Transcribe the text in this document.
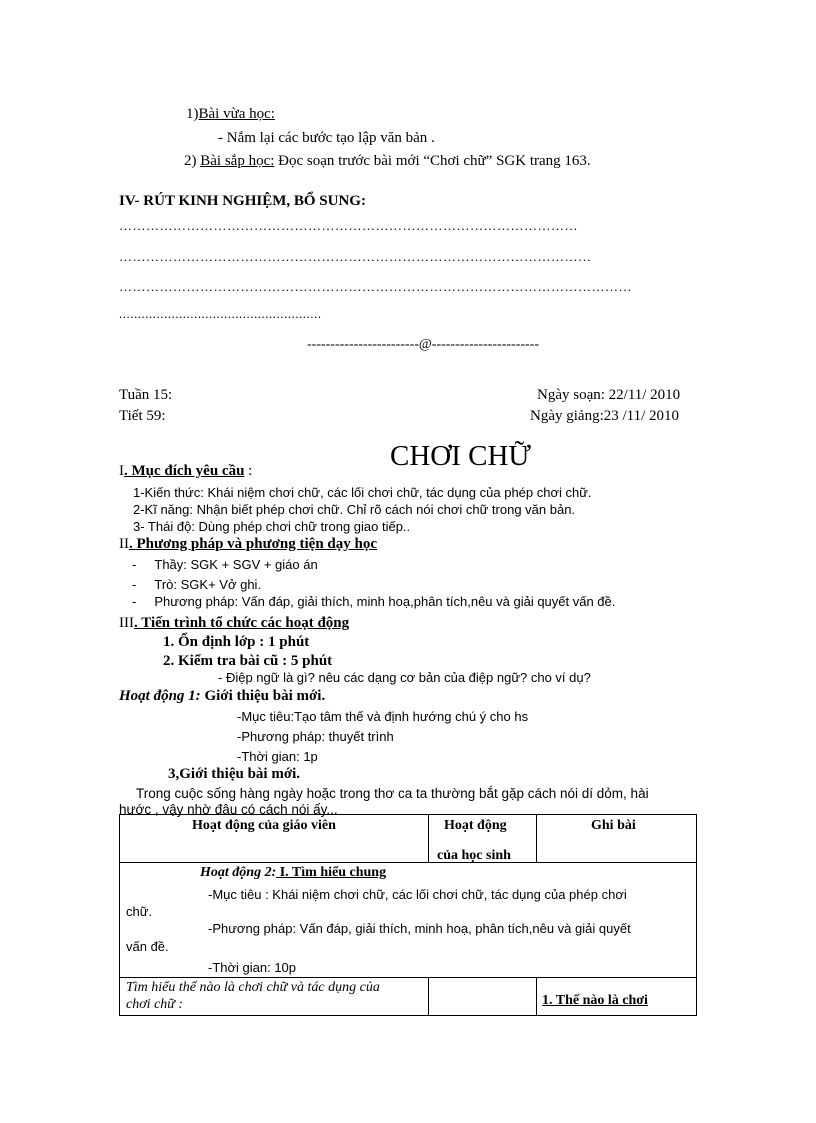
1)Bài vừa học:
- Nắm lại các bước tạo lập văn bản .
2) Bài sắp học: Đọc soạn trước bài mới “Chơi chữ” SGK trang 163.
IV- RÚT KINH NGHIỆM, BỔ SUNG:
…………………………………………………………………………………………
……………………………………………………………………………………………
……………………………………………………………………………………………………
......................................................
------------------------@-----------------------
Tuần 15:
Tiết 59:
Ngày soạn: 22/11/ 2010
Ngày giảng:23 /11/ 2010
CHƠI CHỮ
I. Mục đích yêu cầu :
1-Kiến thức: Khái niệm chơi chữ, các lối chơi chữ, tác dụng của phép chơi chữ.
2-Kĩ năng: Nhận biết phép chơi chữ. Chỉ rõ cách nói chơi chữ trong văn bản.
3- Thái độ: Dùng phép chơi chữ trong giao tiếp..
II. Phương pháp và phương tiện dạy học
-     Thầy: SGK + SGV + giáo án
-     Trò: SGK+ Vở ghi.
-     Phương pháp: Vấn đáp, giải thích, minh hoạ,phân tích,nêu và giải quyết vấn đề.
III. Tiến trình tổ chức các hoạt động
1. Ổn định lớp : 1 phút
2. Kiểm tra bài cũ : 5 phút
- Điệp ngữ là gì? nêu các dạng cơ bản của điệp ngữ? cho ví dụ?
Hoạt động 1: Giới thiệu bài mới.
-Mục tiêu:Tạo tâm thế và định hướng chú ý cho hs
-Phương pháp: thuyết trình
-Thời gian: 1p
3,Giới thiệu bài mới.
Trong cuộc sống hàng ngày hoặc trong thơ ca ta thường bắt gặp cách nói dí dỏm, hài
hước , vậy nhờ đâu có cách nói ấy...
Hoạt động của giáo viên	Hoạt động
của học sinh
Ghi bài
Hoạt động 2: I. Tìm hiểu chung
-Mục tiêu : Khái niệm chơi chữ, các lối chơi chữ, tác dụng của phép chơi
chữ.
-Phương pháp: Vấn đáp, giải thích, minh hoạ, phân tích,nêu và giải quyết
vấn đề.
-Thời gian: 10p
Tìm hiểu thế nào là chơi chữ và tác dụng của
chơi chữ :	1. Thế nào là chơi
